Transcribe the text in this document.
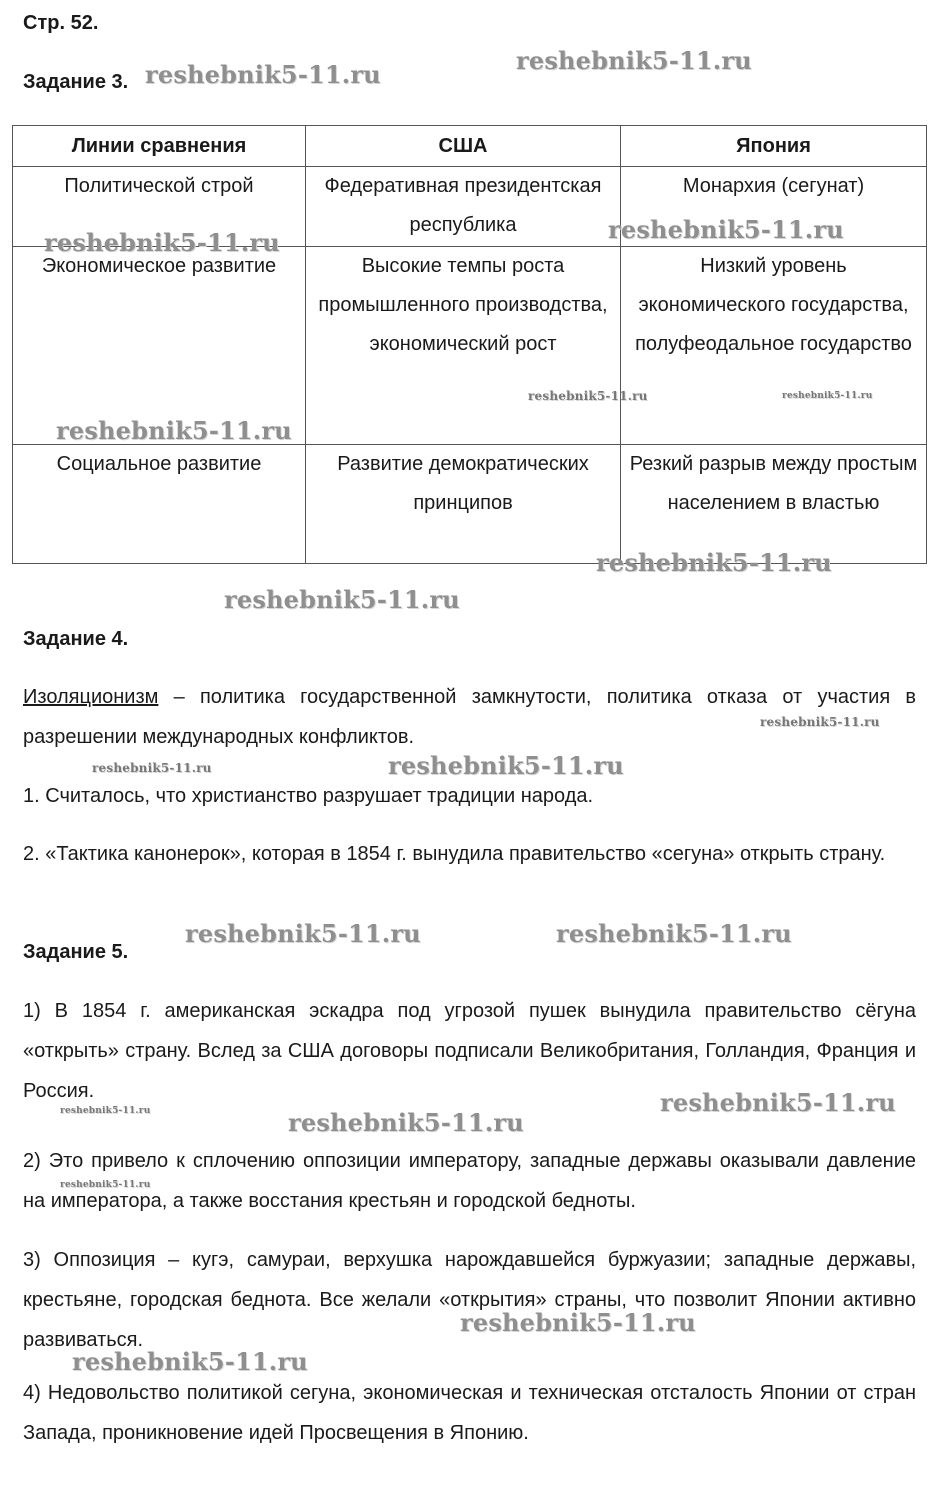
Стр. 52.
Задание 3.
Линии сравнения	США	Япония
Политической строй	Федеративная президентская республика	Монархия (сегунат)
Экономическое развитие	Высокие темпы роста промышленного производства, экономический рост	Низкий уровень экономического государства, полуфеодальное государство
Социальное развитие	Развитие демократических принципов	Резкий разрыв между простым населением в властью
Задание 4.
Изоляционизм – политика государственной замкнутости, политика отказа от участия в разрешении международных конфликтов.
1. Считалось, что христианство разрушает традиции народа.
2. «Тактика канонерок», которая в 1854 г. вынудила правительство «сегуна» открыть страну.
Задание 5.
1) В 1854 г. американская эскадра под угрозой пушек вынудила правительство сёгуна «открыть» страну. Вслед за США договоры подписали Великобритания, Голландия, Франция и Россия.
2) Это привело к сплочению оппозиции императору, западные державы оказывали давление на императора, а также восстания крестьян и городской бедноты.
3) Оппозиция – кугэ, самураи, верхушка нарождавшейся буржуазии; западные державы, крестьяне, городская беднота. Все желали «открытия» страны, что позволит Японии активно развиваться.
4) Недовольство политикой сегуна, экономическая и техническая отсталость Японии от стран Запада, проникновение идей Просвещения в Японию.
reshebnik5-11.ru	reshebnik5-11.ru
reshebnik5-11.ru	reshebnik5-11.ru
reshebnik5-11.ru	reshebnik5-11.ru
reshebnik5-11.ru
reshebnik5-11.ru
reshebnik5-11.ru
reshebnik5-11.ru
reshebnik5-11.ru	reshebnik5-11.ru
reshebnik5-11.ru	reshebnik5-11.ru
reshebnik5-11.ru
reshebnik5-11.ru	reshebnik5-11.ru
reshebnik5-11.ru
reshebnik5-11.ru
reshebnik5-11.ru
